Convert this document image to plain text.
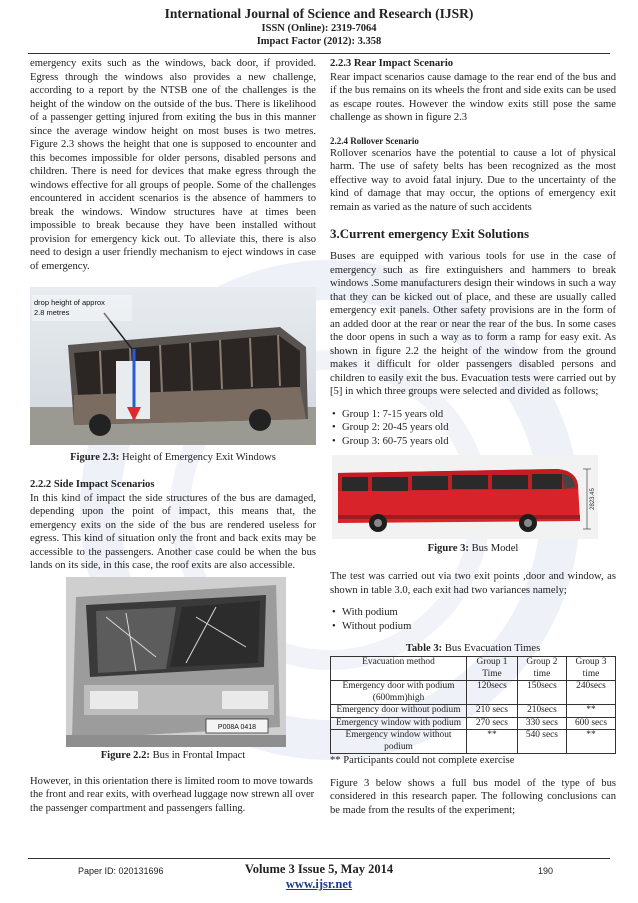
International Journal of Science and Research (IJSR)
ISSN (Online): 2319-7064
Impact Factor (2012): 3.358

emergency exits such as the windows, back door, if provided. Egress through the windows also provides a new challenge, according to a report by the NTSB one of the challenges is the height of the window on the outside of the bus. There is likelihood of a passenger getting injured from exiting the bus in this manner since the average window height on most buses is two metres. Figure 2.3 shows the height that one is supposed to encounter and this becomes impossible for older persons, disabled persons and children. There is need for devices that make egress through the windows effective for all groups of people. Some of the challenges encountered in accident scenarios is the absence of hammers to break the windows. Window structures have at times been impossible to break because they have been installed without provision for emergency kick out. To alleviate this, there is also need to design a user friendly mechanism to eject windows in case of emergency.

drop height of approx
2.8 metres
Figure 2.3: Height of Emergency Exit Windows
2.2.2 Side Impact Scenarios

In this kind of impact the side structures of the bus are damaged, depending upon the point of impact, this means that, the emergency exits on the side of the bus are rendered useless for egress. This kind of situation only the front and back exits may be accessible to the passengers. Another case could be when the bus lands on its side, in this case, the roof exits are also accessible.

P008A 0418
Figure 2.2: Bus in Frontal Impact

However, in this orientation there is limited room to move towards the front and rear exits, with overhead luggage now strewn all over the passenger compartment and passengers falling.

2.2.3 Rear Impact Scenario

Rear impact scenarios cause damage to the rear end of the bus and if the bus remains on its wheels the front and side exits can be used as escape routes. However the window exits still pose the same challenge as shown in figure 2.3

2.2.4 Rollover Scenario

Rollover scenarios have the potential to cause a lot of physical harm. The use of safety belts has been recognized as the most effective way to avoid fatal injury. Due to the uncertainty of the kind of damage that may occur, the options of emergency exit remain as varied as the nature of such accidents

3.Current emergency Exit Solutions

Buses are equipped with various tools for use in the case of emergency such as fire extinguishers and hammers to break windows .Some manufacturers design their windows in such a way that they can be kicked out of place, and these are usually called emergency exit panels. Other safety provisions are in the form of an added door at the rear or near the rear of the bus. In some cases the door opens in such a way as to form a ramp for easy exit. As shown in figure 2.2 the height of the window from the ground makes it difficult for older passengers disabled persons and children to easily exit the bus. Evacuation tests were carried out by [5] in which three groups were selected and divided as follows;

• Group 1: 7-15 years old
• Group 2: 20-45 years old
• Group 3: 60-75 years old
2823.45
Figure 3: Bus Model

The test was carried out via two exit points ,door and window, as shown in table 3.0, each exit had two variances namely;

• With podium
• Without podium
Table 3: Bus Evacuation Times
Evacuation method	Group 1 Time	Group 2 time	Group 3 time
Emergency door with podium (600mm)high	120secs	150secs	240secs
Emergency door without podium	210 secs	210secs	**
Emergency window with podium	270 secs	330 secs	600 secs
Emergency window without podium	**	540 secs	**

** Participants could not complete exercise

Figure 3 below shows a full bus model of the type of bus considered in this research paper. The following conclusions can be made from the results of the experiment;

Paper ID: 020131696	190
Volume 3 Issue 5, May 2014
www.ijsr.net
